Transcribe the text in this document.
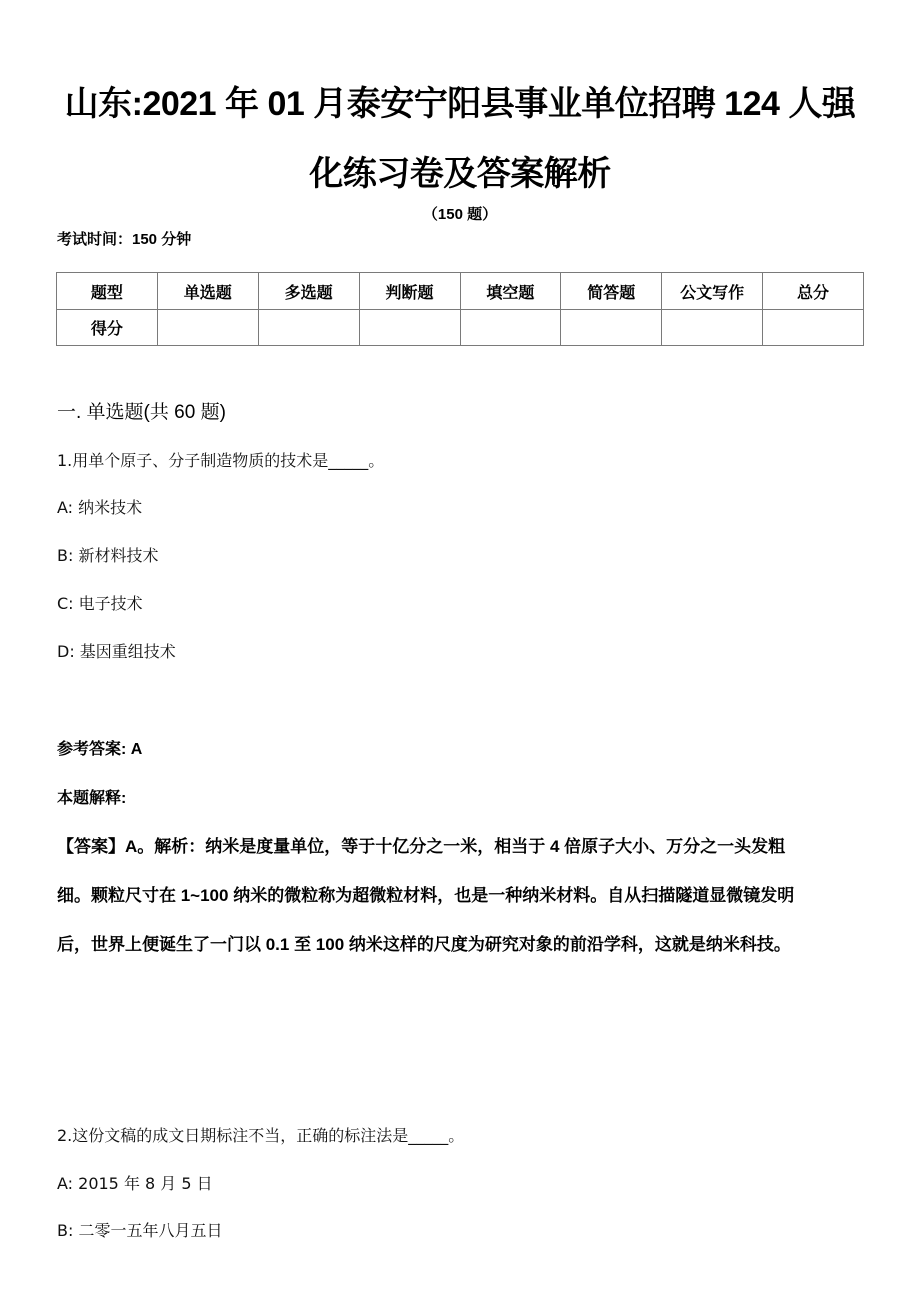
山东:2021 年 01 月泰安宁阳县事业单位招聘 124 人强
化练习卷及答案解析
（150 题）
考试时间：150 分钟
题型	单选题	多选题	判断题	填空题	简答题	公文写作	总分
得分							
一. 单选题(共 60 题)
1.用单个原子、分子制造物质的技术是_____。
A: 纳米技术
B: 新材料技术
C: 电子技术
D: 基因重组技术
参考答案: A
本题解释:
【答案】A。解析：纳米是度量单位，等于十亿分之一米，相当于 4 倍原子大小、万分之一头发粗
细。颗粒尺寸在 1~100 纳米的微粒称为超微粒材料，也是一种纳米材料。自从扫描隧道显微镜发明
后，世界上便诞生了一门以 0.1 至 100 纳米这样的尺度为研究对象的前沿学科，这就是纳米科技。
2.这份文稿的成文日期标注不当，正确的标注法是_____。
A: 2015 年 8 月 5 日
B: 二零一五年八月五日
